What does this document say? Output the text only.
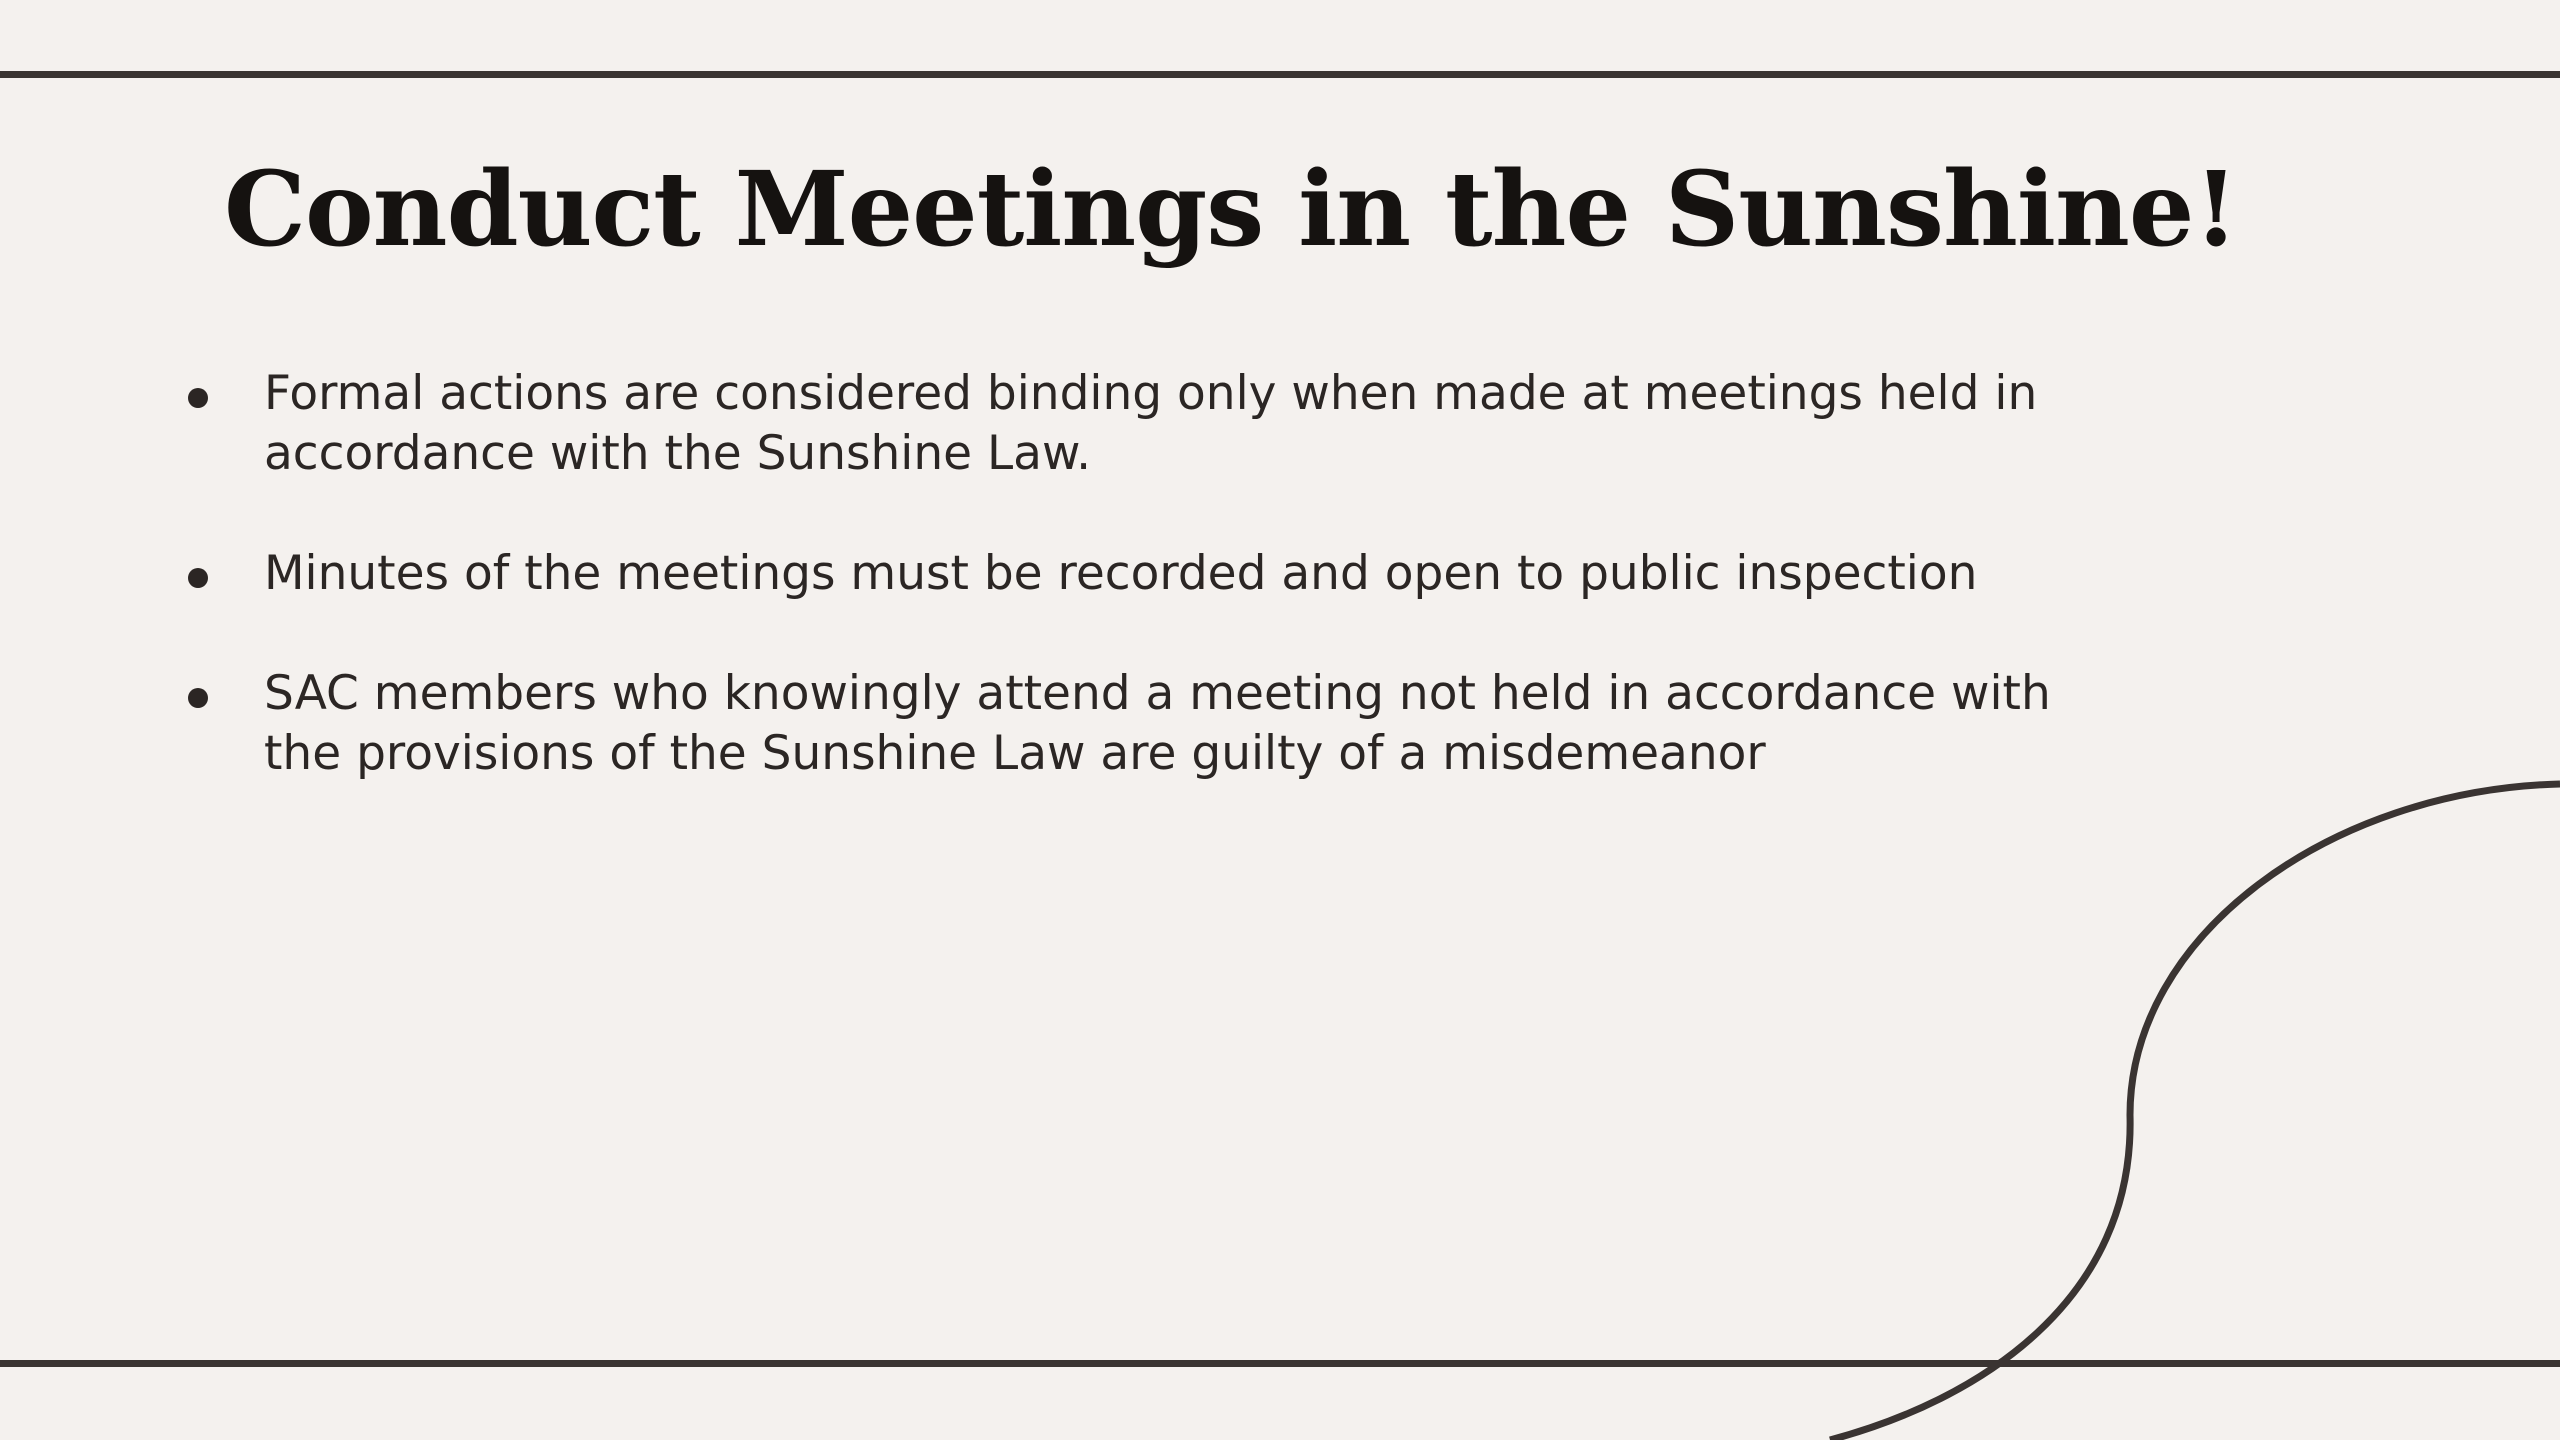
Conduct Meetings in the Sunshine!
Formal actions are considered binding only when made at meetings held in accordance with the Sunshine Law.
Minutes of the meetings must be recorded and open to public inspection
SAC members who knowingly attend a meeting not held in accordance with the provisions of the Sunshine Law are guilty of a misdemeanor
